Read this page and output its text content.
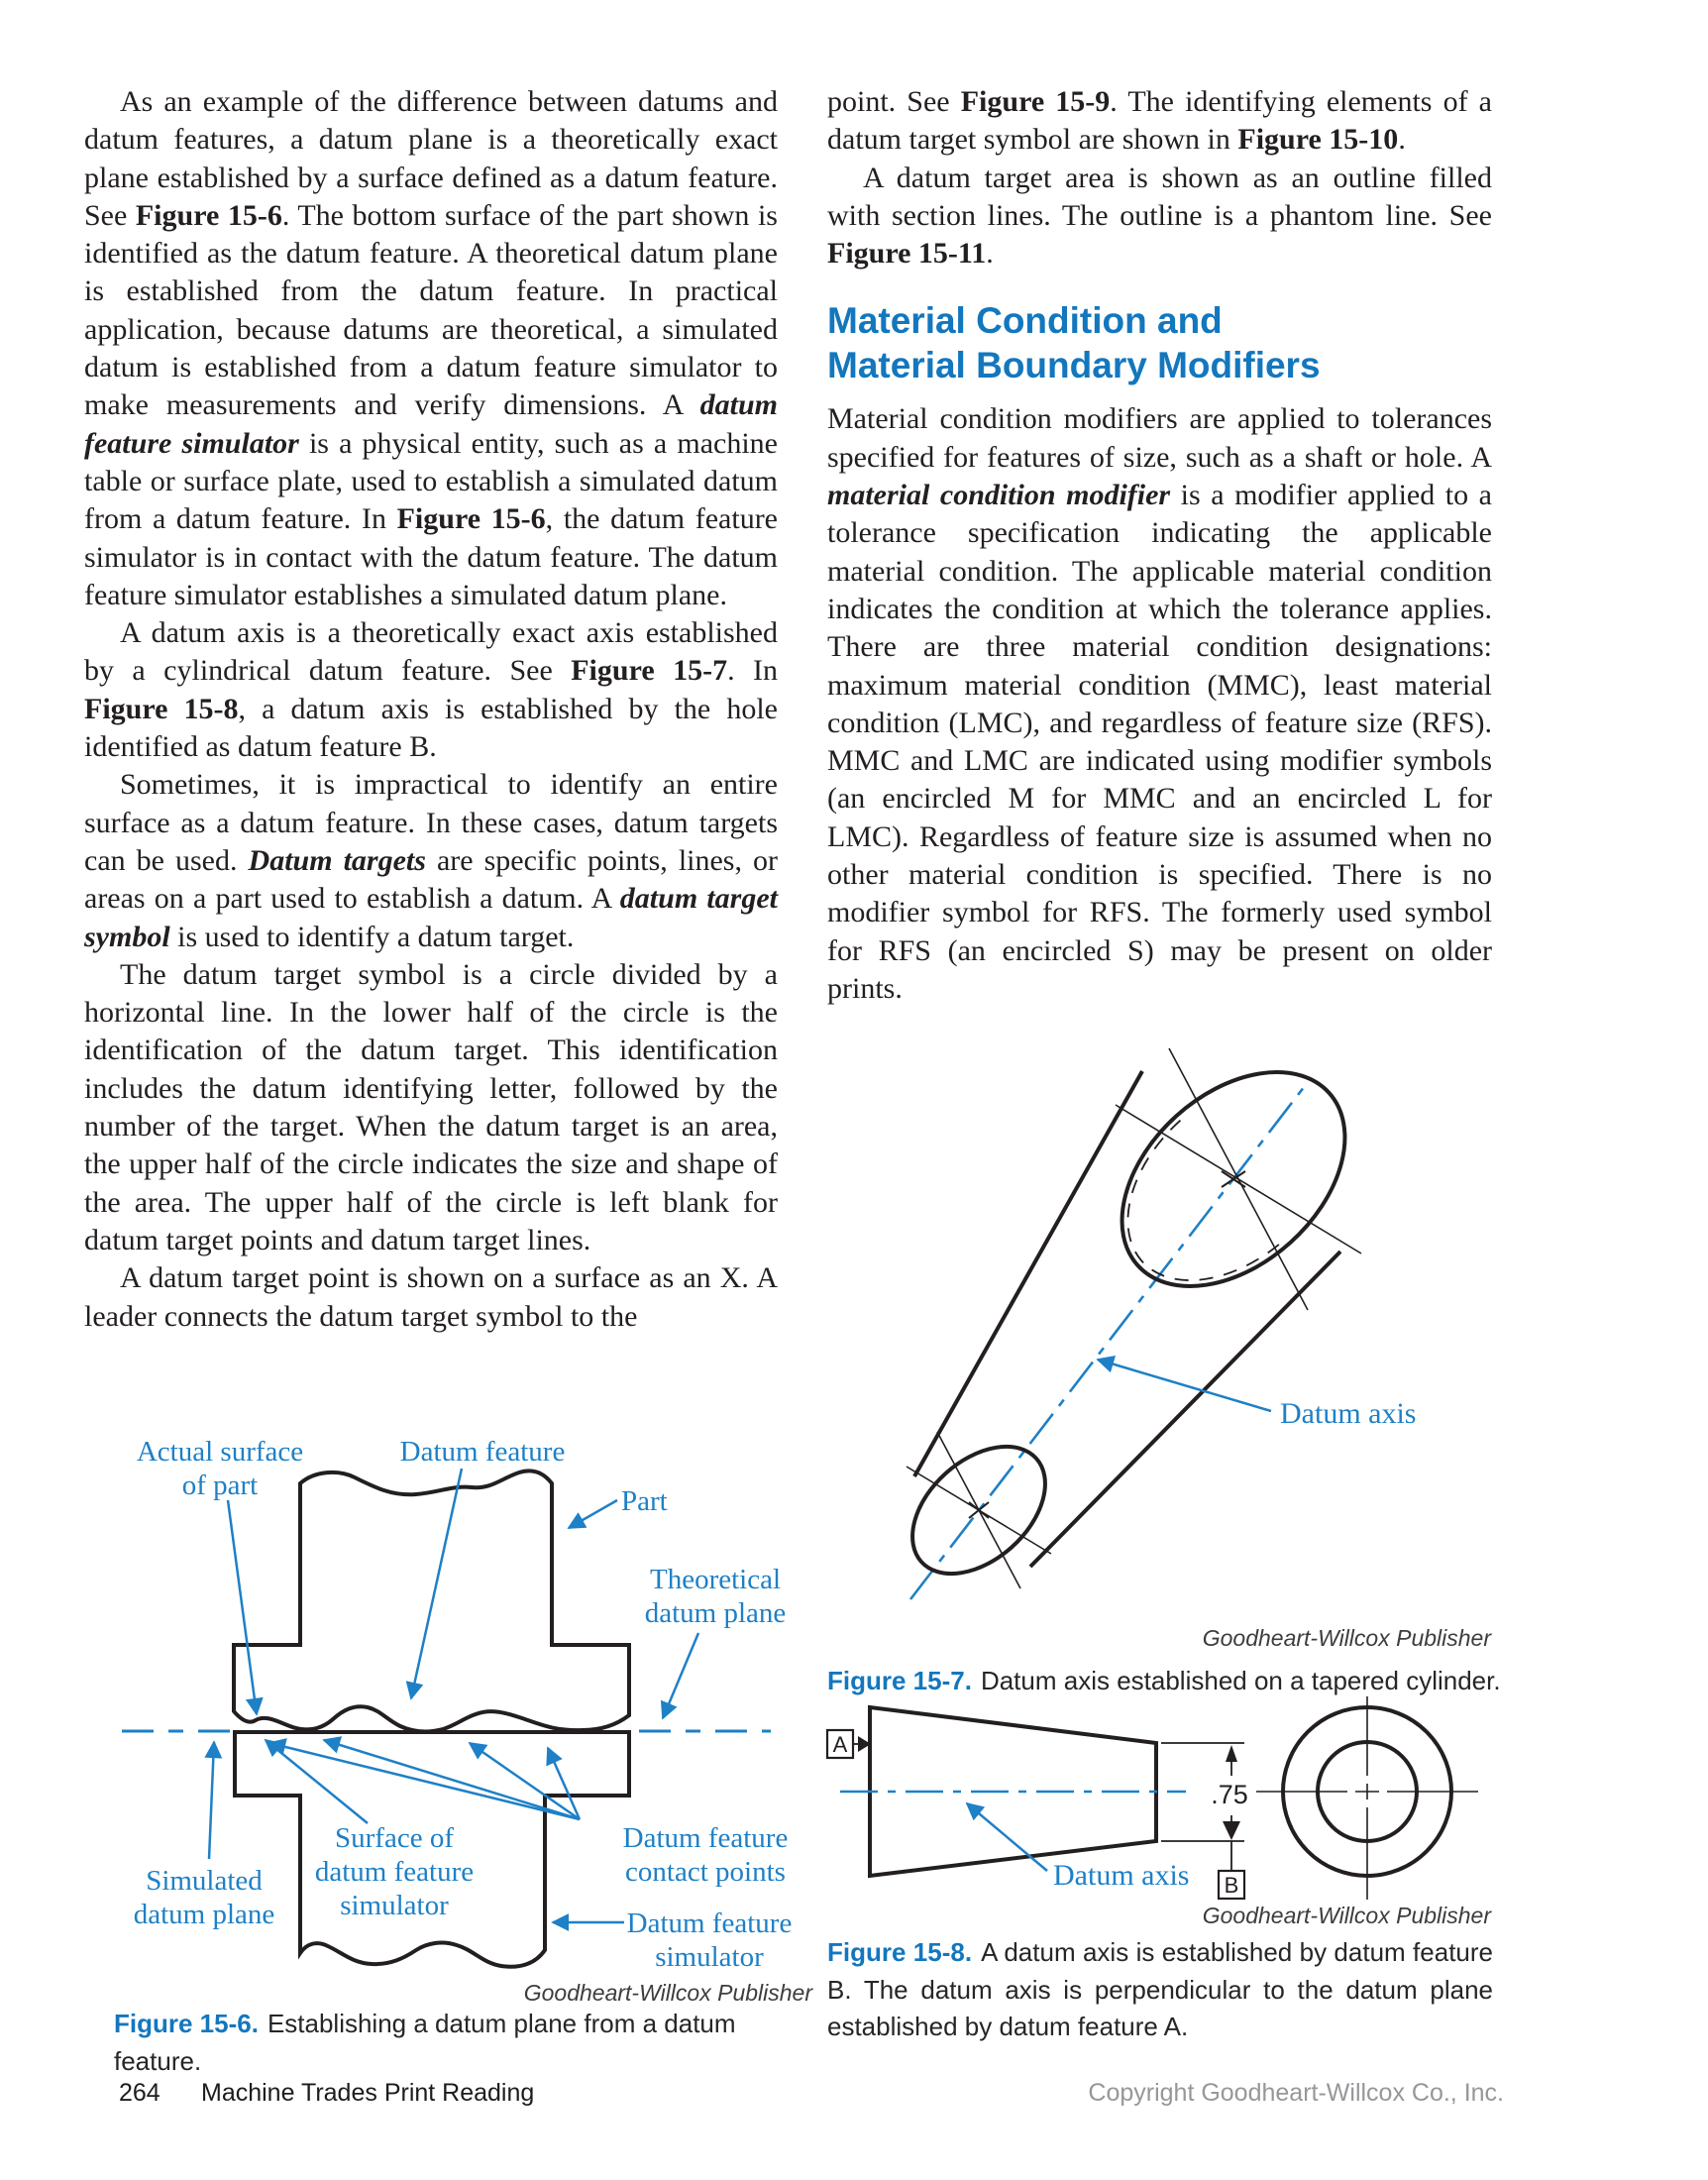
As an example of the difference between datums and datum features, a datum plane is a theoretically exact plane established by a surface defined as a datum feature. See Figure 15-6. The bottom surface of the part shown is identified as the datum feature. A theoretical datum plane is established from the datum feature. In practical application, because datums are theoretical, a simulated datum is established from a datum feature simulator to make measurements and verify dimensions. A datum feature simulator is a physical entity, such as a machine table or surface plate, used to establish a simulated datum from a datum feature. In Figure 15-6, the datum feature simulator is in contact with the datum feature. The datum feature simulator establishes a simulated datum plane.

A datum axis is a theoretically exact axis established by a cylindrical datum feature. See Figure 15-7. In Figure 15-8, a datum axis is established by the hole identified as datum feature B.

Sometimes, it is impractical to identify an entire surface as a datum feature. In these cases, datum targets can be used. Datum targets are specific points, lines, or areas on a part used to establish a datum. A datum target symbol is used to identify a datum target.

The datum target symbol is a circle divided by a horizontal line. In the lower half of the circle is the identification of the datum target. This identification includes the datum identifying letter, followed by the number of the target. When the datum target is an area, the upper half of the circle indicates the size and shape of the area. The upper half of the circle is left blank for datum target points and datum target lines.

A datum target point is shown on a surface as an X. A leader connects the datum target symbol to the

point. See Figure 15-9. The identifying elements of a datum target symbol are shown in Figure 15-10.

A datum target area is shown as an outline filled with section lines. The outline is a phantom line. See Figure 15-11.

Material Condition and
Material Boundary Modifiers

Material condition modifiers are applied to tolerances specified for features of size, such as a shaft or hole. A material condition modifier is a modifier applied to a tolerance specification indicating the applicable material condition. The applicable material condition indicates the condition at which the tolerance applies. There are three material condition designations: maximum material condition (MMC), least material condition (LMC), and regardless of feature size (RFS). MMC and LMC are indicated using modifier symbols (an encircled M for MMC and an encircled L for LMC). Regardless of feature size is assumed when no other material condition is specified. There is no modifier symbol for RFS. The formerly used symbol for RFS (an encircled S) may be present on older prints.

Actual surface
of part
Datum feature
Part
Theoretical
datum plane
Surface of
datum feature
simulator
Datum feature
contact points
Simulated
datum plane	Datum feature
simulator
Goodheart-Willcox Publisher
Figure 15-6. Establishing a datum plane from a datum feature.
Datum axis
Goodheart-Willcox Publisher
Figure 15-7. Datum axis established on a tapered cylinder.
A
Datum axis
.75
B
Goodheart-Willcox Publisher
Figure 15-8. A datum axis is established by datum feature B. The datum axis is perpendicular to the datum plane established by datum feature A.
264 Machine Trades Print Reading	Copyright Goodheart-Willcox Co., Inc.
